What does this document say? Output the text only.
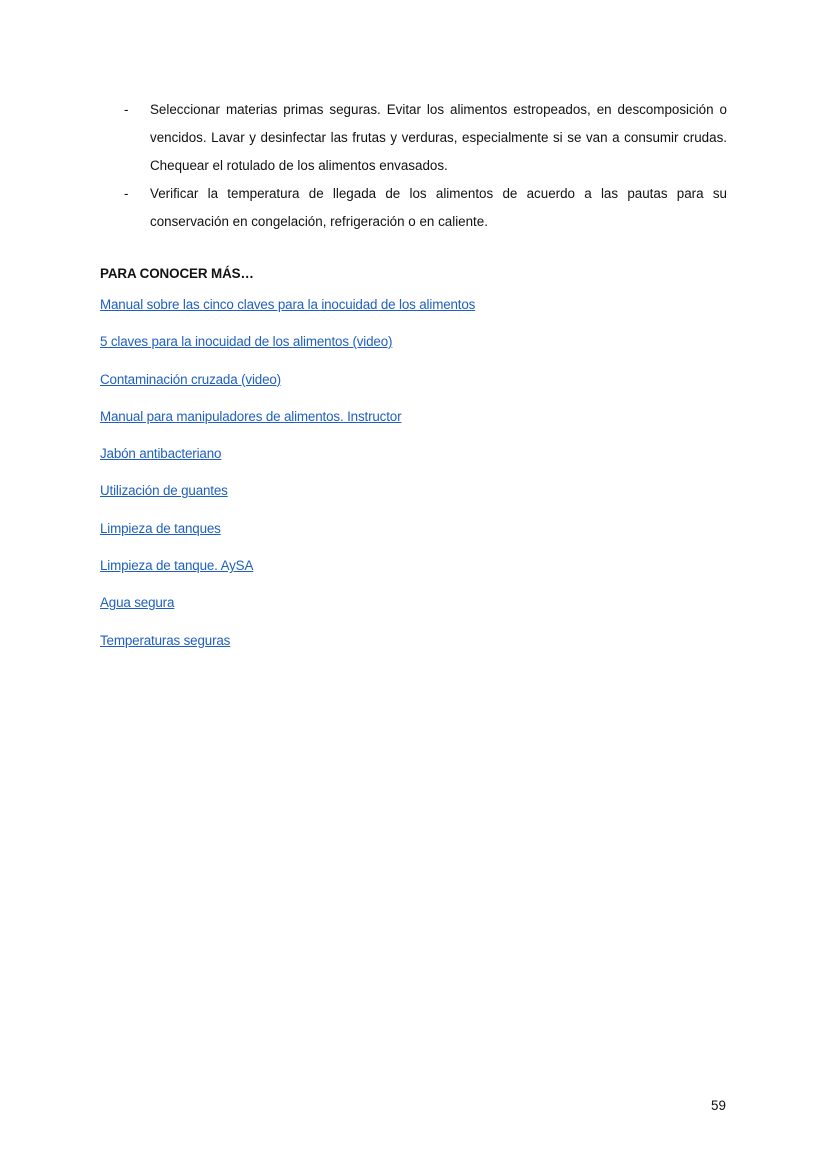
- Seleccionar materias primas seguras. Evitar los alimentos estropeados, en descomposición o vencidos. Lavar y desinfectar las frutas y verduras, especialmente si se van a consumir crudas. Chequear el rotulado de los alimentos envasados.
- Verificar la temperatura de llegada de los alimentos de acuerdo a las pautas para su conservación en congelación, refrigeración o en caliente.
PARA CONOCER MÁS…
Manual sobre las cinco claves para la inocuidad de los alimentos
5 claves para la inocuidad de los alimentos (video)
Contaminación cruzada (video)
Manual para manipuladores de alimentos. Instructor
Jabón antibacteriano
Utilización de guantes
Limpieza de tanques
Limpieza de tanque. AySA
Agua segura
Temperaturas seguras
59
